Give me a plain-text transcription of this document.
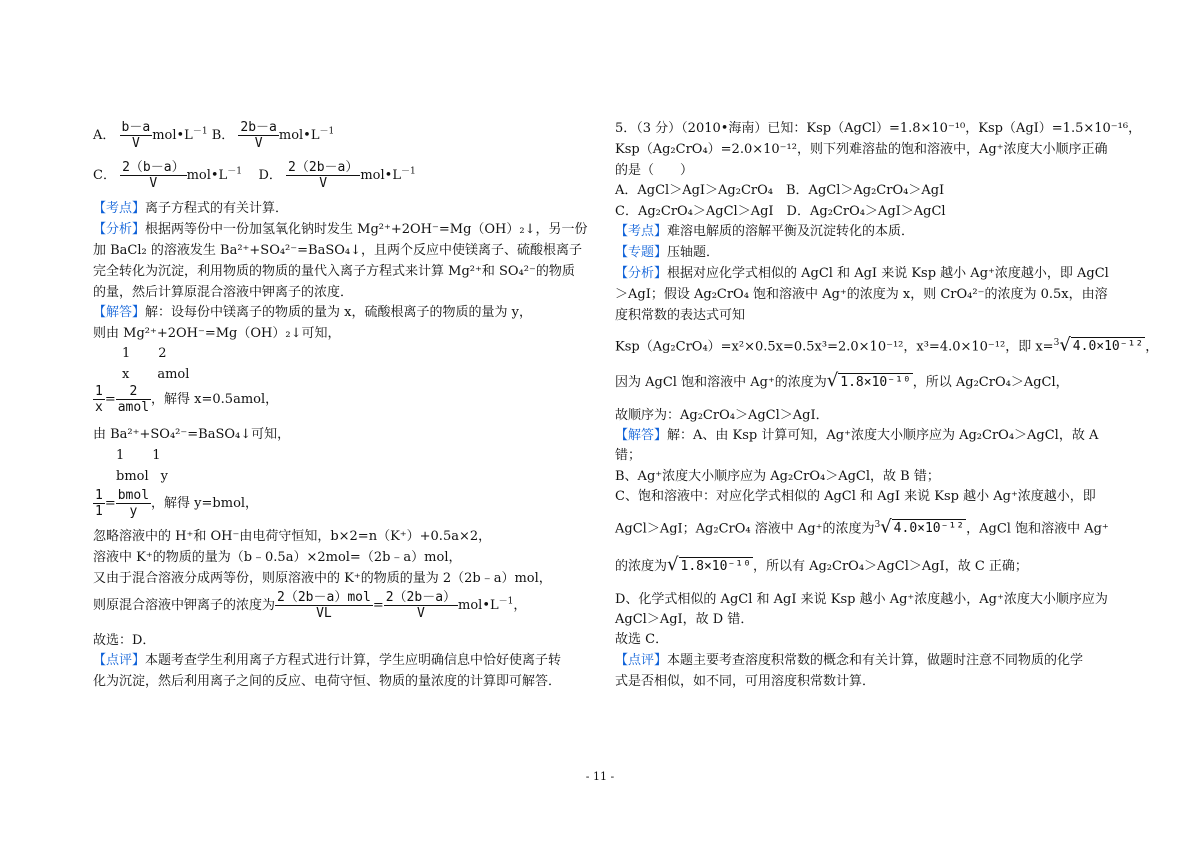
A． $\frac{b-a}{V}$ $mol•L^{-1}$ B． $\frac{2b-a}{V}$ $mol•L^{-1}$
C． $\frac{2(b-a)}{V}$ $mol•L^{-1}$ D． $\frac{2(2b-a)}{V}$ $mol•L^{-1}$
【考点】离子方程式的有关计算．
【分析】根据两等份中一份加氢氧化钠时发生 Mg²⁺+2OH⁻=Mg（OH）₂↓，另一份
加 BaCl₂ 的溶液发生 Ba²⁺+SO₄²⁻=BaSO₄↓，且两个反应中使镁离子、硫酸根离子
完全转化为沉淀，利用物质的物质的量代入离子方程式来计算 Mg²⁺和 SO₄²⁻的物质
的量，然后计算原混合溶液中钾离子的浓度．
【解答】解：设每份中镁离子的物质的量为 x，硫酸根离子的物质的量为 y，
则由 Mg²⁺+2OH⁻=Mg（OH）₂↓可知，
1 2
x amol
$\frac{1}{x} = \frac{2}{\text{amol}}$ ，解得 x=0.5amol，
由 Ba²⁺+SO₄²⁻=BaSO₄↓可知，
1 1
bmol y
$\frac{1}{1} = \frac{\text{bmol}}{y}$ ，解得 y=bmol，
忽略溶液中的 H⁺和 OH⁻由电荷守恒知，b×2=n（K⁺）+0.5a×2，
溶液中 K⁺的物质的量为（b﹣0.5a）×2mol=（2b﹣a）mol，
又由于混合溶液分成两等份，则原溶液中的 K⁺的物质的量为 2（2b﹣a）mol，
则原混合溶液中钾离子的浓度为 $\frac{\text{2（2b－a）mol}}{VL} = \frac{2(2b-a)}{V}$ $mol•L^{-1}$，
故选：D．
【点评】本题考查学生利用离子方程式进行计算，学生应明确信息中恰好使离子转
化为沉淀，然后利用离子之间的反应、电荷守恒、物质的量浓度的计算即可解答．
5．（3 分）（2010•海南）已知：Ksp（AgCl）=1.8×10⁻¹⁰，Ksp（AgI）=1.5×10⁻¹⁶，
Ksp（Ag₂CrO₄）=2.0×10⁻¹²，则下列难溶盐的饱和溶液中，Ag⁺浓度大小顺序正确
的是（　　）
A．AgCl＞AgI＞Ag₂CrO₄　B．AgCl＞Ag₂CrO₄＞AgI
C．Ag₂CrO₄＞AgCl＞AgI　D．Ag₂CrO₄＞AgI＞AgCl
【考点】难溶电解质的溶解平衡及沉淀转化的本质．
【专题】压轴题．
【分析】根据对应化学式相似的 AgCl 和 AgI 来说 Ksp 越小 Ag⁺浓度越小，即 AgCl
＞AgI；假设 Ag₂CrO₄ 饱和溶液中 Ag⁺的浓度为 x，则 CrO₄²⁻的浓度为 0.5x，由溶
度积常数的表达式可知
Ksp（Ag₂CrO₄）=x²×0.5x=0.5x³=2.0×10⁻¹²，x³=4.0×10⁻¹²，即 x=$^3$√ 4.0×10⁻¹² ，
因为 AgCl 饱和溶液中 Ag⁺的浓度为√ 1.8×10⁻¹⁰ ，所以 Ag₂CrO₄＞AgCl，
故顺序为：Ag₂CrO₄＞AgCl＞AgI．
【解答】解：A、由 Ksp 计算可知，Ag⁺浓度大小顺序应为 Ag₂CrO₄＞AgCl，故 A
错；
B、Ag⁺浓度大小顺序应为 Ag₂CrO₄＞AgCl，故 B 错；
C、饱和溶液中：对应化学式相似的 AgCl 和 AgI 来说 Ksp 越小 Ag⁺浓度越小，即
AgCl＞AgI；Ag₂CrO₄ 溶液中 Ag⁺的浓度为$^3$√ 4.0×10⁻¹² ，AgCl 饱和溶液中 Ag⁺
的浓度为√ 1.8×10⁻¹⁰ ，所以有 Ag₂CrO₄＞AgCl＞AgI，故 C 正确；
D、化学式相似的 AgCl 和 AgI 来说 Ksp 越小 Ag⁺浓度越小，Ag⁺浓度大小顺序应为
AgCl＞AgI，故 D 错．
故选 C．
【点评】本题主要考查溶度积常数的概念和有关计算，做题时注意不同物质的化学
式是否相似，如不同，可用溶度积常数计算．
- 11 -
